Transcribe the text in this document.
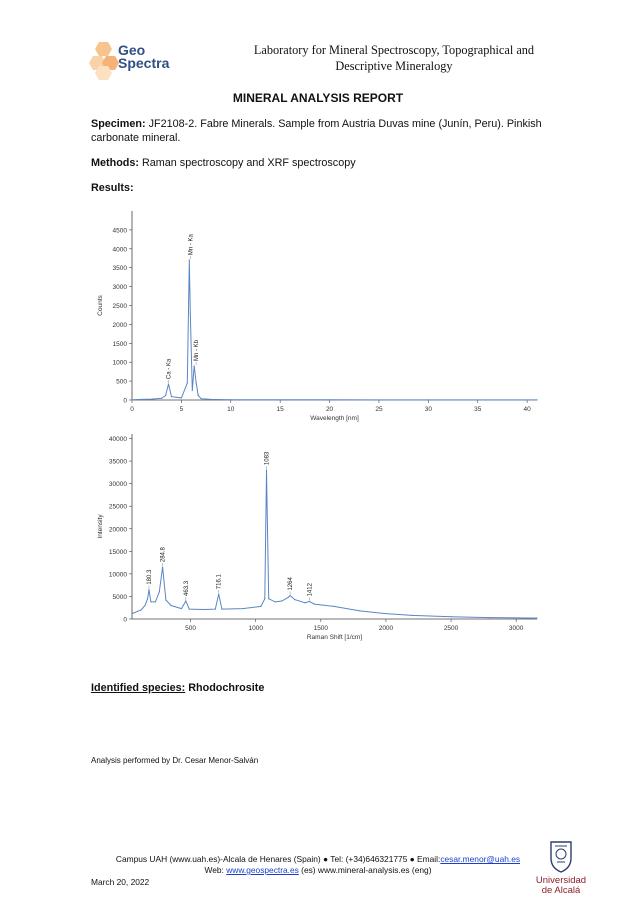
Geo
Spectra
Laboratory for Mineral Spectroscopy, Topographical and
Descriptive Mineralogy
MINERAL ANALYSIS REPORT
Specimen: JF2108-2. Fabre Minerals. Sample from Austria Duvas mine (Junín, Peru). Pinkish carbonate mineral.
Methods: Raman spectroscopy and XRF spectroscopy
Results:
0
500
1000
1500
2000
2500
3000
3500
4000
4500
0	5	10	15	20	25	30	35	40
Wavelength [nm]
Counts
Ca - Ka
Mn - Ka
Mn - Kb
0
5000
10000
15000
20000
25000
30000
35000
40000
500	1000	1500	2000	2500	3000
Raman Shift [1/cm]
Intensity
180.3
284.8
463.3	716.1
1083
1264 1412
Identified species: Rhodochrosite
Analysis performed by Dr. Cesar Menor-Salván
Campus UAH (www.uah.es)-Alcala de Henares (Spain) ● Tel: (+34)646321775 ● Email:cesar.menor@uah.es
Web: www.geospectra.es (es) www.mineral-analysis.es (eng)
March 20, 2022	Universidad
de Alcalá
